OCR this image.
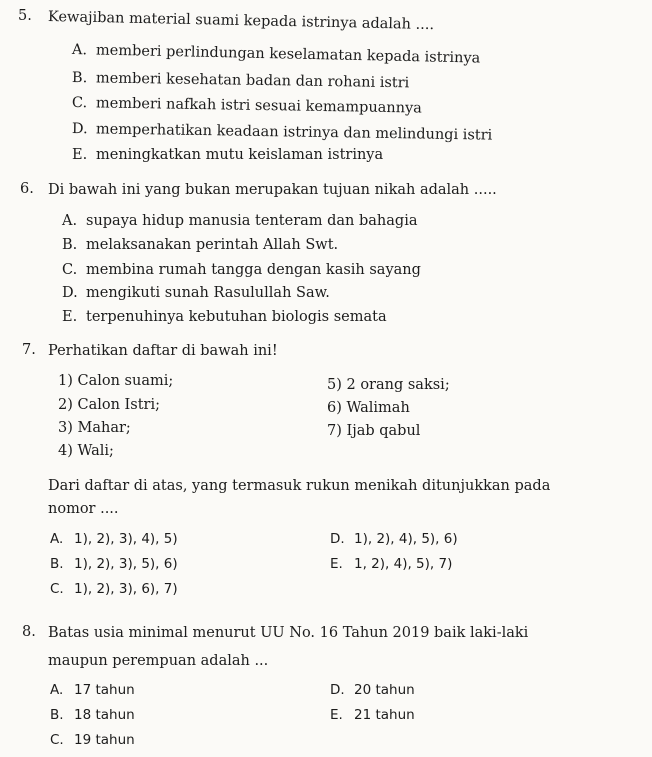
5. Kewajiban material suami kepada istrinya adalah ....
A. memberi perlindungan keselamatan kepada istrinya
B. memberi kesehatan badan dan rohani istri
C. memberi nafkah istri sesuai kemampuannya
D. memperhatikan keadaan istrinya dan melindungi istri
E. meningkatkan mutu keislaman istrinya
6. Di bawah ini yang bukan merupakan tujuan nikah adalah .....
A. supaya hidup manusia tenteram dan bahagia
B. melaksanakan perintah Allah Swt.
C. membina rumah tangga dengan kasih sayang
D. mengikuti sunah Rasulullah Saw.
E. terpenuhinya kebutuhan biologis semata
7. Perhatikan daftar di bawah ini!
1) Calon suami;
2) Calon Istri;
3) Mahar;
4) Wali;
5) 2 orang saksi;
6) Walimah
7) Ijab qabul
Dari daftar di atas, yang termasuk rukun menikah ditunjukkan pada
nomor ....
A. 1), 2), 3), 4), 5)
B. 1), 2), 3), 5), 6)
C. 1), 2), 3), 6), 7)
D. 1), 2), 4), 5), 6)
E. 1, 2), 4), 5), 7)
8. Batas usia minimal menurut UU No. 16 Tahun 2019 baik laki-laki
maupun perempuan adalah ...
A. 17 tahun
B. 18 tahun
C. 19 tahun
D. 20 tahun
E. 21 tahun
